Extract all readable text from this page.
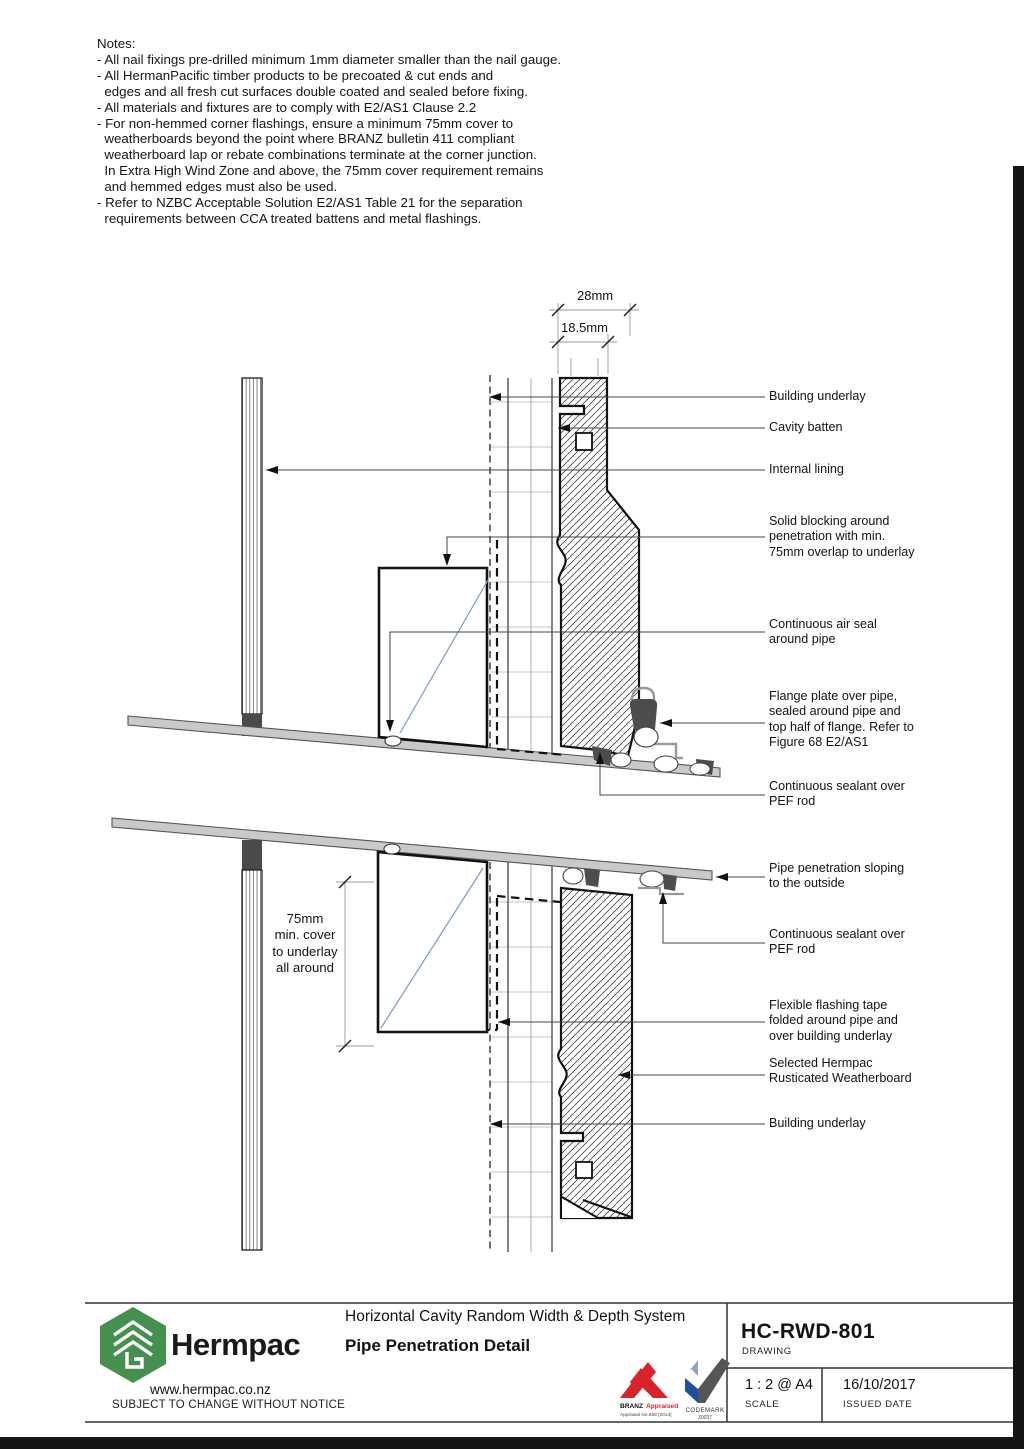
BRANZ Appraised
Appraisal No.658 [2014]
CODEMARK
30037
Notes:
- All nail fixings pre-drilled minimum 1mm diameter smaller than the nail gauge.
- All HermanPacific timber products to be precoated & cut ends and
edges and all fresh cut surfaces double coated and sealed before fixing.
- All materials and fixtures are to comply with E2/AS1 Clause 2.2
- For non-hemmed corner flashings, ensure a minimum 75mm cover to
weatherboards beyond the point where BRANZ bulletin 411 compliant
weatherboard lap or rebate combinations terminate at the corner junction.
In Extra High Wind Zone and above, the 75mm cover requirement remains
and hemmed edges must also be used.
- Refer to NZBC Acceptable Solution E2/AS1 Table 21 for the separation
requirements between CCA treated battens and metal flashings.
28mm
18.5mm
75mm
min. cover
to underlay
all around
Building underlay
Cavity batten
Internal lining
Solid blocking around
penetration with min.
75mm overlap to underlay
Continuous air seal
around pipe
Flange plate over pipe,
sealed around pipe and
top half of flange. Refer to
Figure 68 E2/AS1
Continuous sealant over
PEF rod
Pipe penetration sloping
to the outside
Continuous sealant over
PEF rod
Flexible flashing tape
folded around pipe and
over building underlay
Selected Hermpac
Rusticated Weatherboard
Building underlay
Hermpac
www.hermpac.co.nz
SUBJECT TO CHANGE WITHOUT NOTICE
Horizontal Cavity Random Width & Depth System
Pipe Penetration Detail
HC-RWD-801
DRAWING
1 : 2 @ A4
SCALE
16/10/2017
ISSUED DATE
